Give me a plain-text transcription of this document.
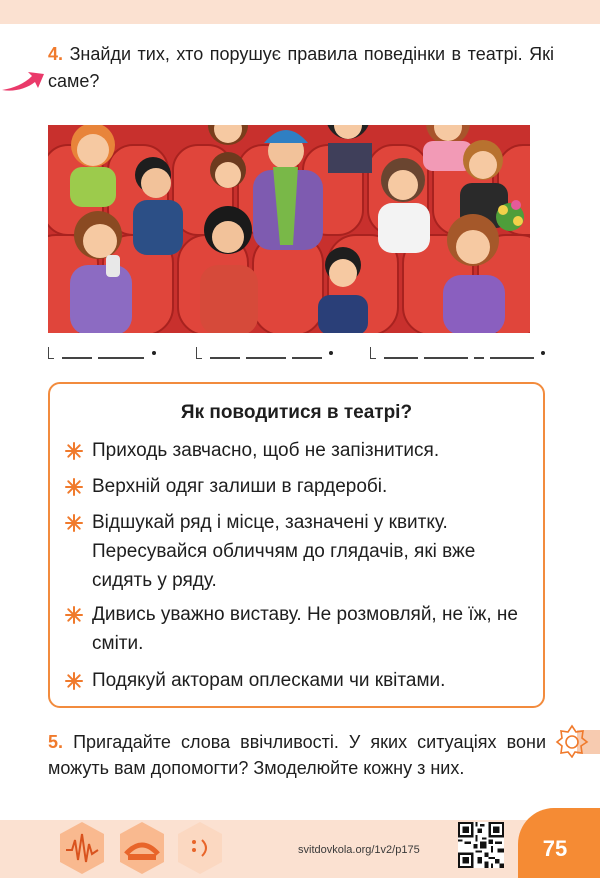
4. Знайди тих, хто порушує правила поведінки в театрі. Які саме?
Як поводитися в театрі?
Приходь завчасно, щоб не запізнитися.
Верхній одяг залиши в гардеробі.
Відшукай ряд і місце, зазначені у квитку. Пересувайся обличчям до глядачів, які вже сидять у ряду.
Дивись уважно виставу. Не розмовляй, не їж, не сміти.
Подякуй акторам оплесками чи квітами.
5. Пригадайте слова ввічливості. У яких ситуаціях вони можуть вам допомогти? Змоделюйте кожну з них.
svitdovkola.org/1v2/p175	75
